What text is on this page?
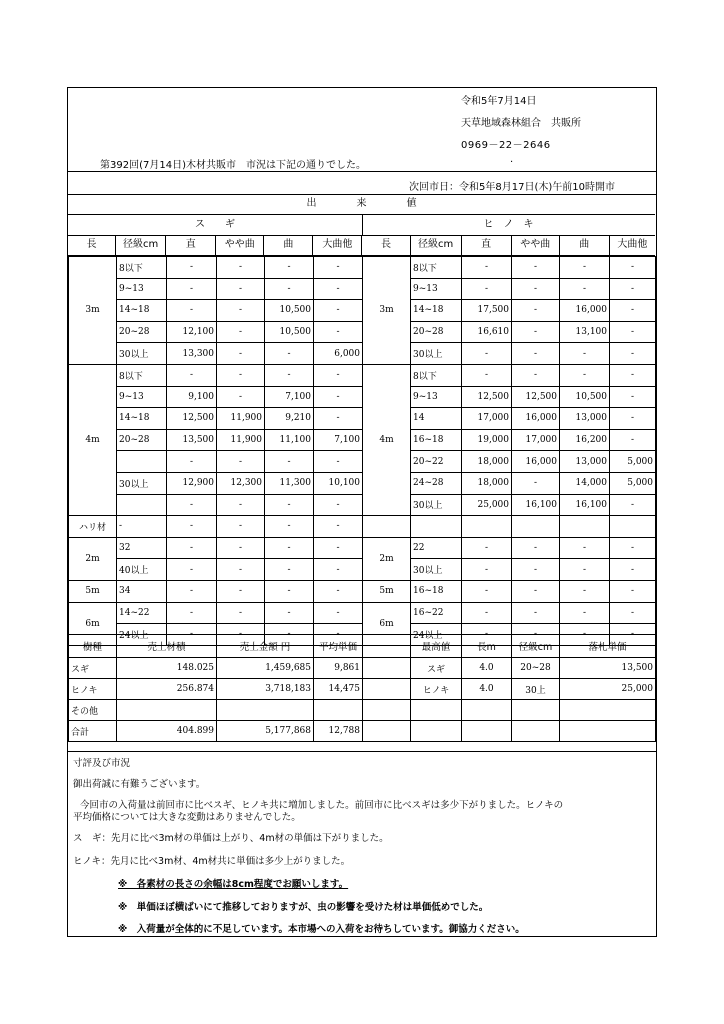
令和5年7月14日
天草地域森林組合　共販所
0969－22－2646
第392回(7月14日)木材共販市　市況は下記の通りでした。
.
次回市日：令和5年8月17日(木)午前10時開市
出　　　　来　　　　値
ス　　ギ	ヒ　ノ　キ
長	径級cm	直	やや曲	曲	大曲他	長	径級cm	直	やや曲	曲	大曲他
3m	8以下	-	-	-	-	3m	8以下	-	-	-	-
	9~13	-	-	-	-		9~13	-	-	-	-
	14~18	-	-	10,500	-		14~18	17,500	-	16,000	-
	20~28	12,100	-	10,500	-		20~28	16,610	-	13,100	-
	30以上	13,300	-	-	6,000		30以上	-	-	-	-
4m	8以下	-	-	-	-	4m	8以下	-	-	-	-
	9~13	9,100	-	7,100	-		9~13	12,500	12,500	10,500	-
	14~18	12,500	11,900	9,210	-		14	17,000	16,000	13,000	-
	20~28	13,500	11,900	11,100	7,100		16~18	19,000	17,000	16,200	-
		-	-	-	-		20~22	18,000	16,000	13,000	5,000
	30以上	12,900	12,300	11,300	10,100		24~28	18,000	-	14,000	5,000
		-	-	-	-		30以上	25,000	16,100	16,100	-
ハリ材	-	-	-	-	-						
2m	32	-	-	-	-	2m	22	-	-	-	-
	40以上	-	-	-	-		30以上	-	-	-	-
5m	34	-	-	-	-	5m	16~18	-	-	-	-
6m	14~22	-	-	-	-	6m	16~22	-	-	-	-
	24以上	-	-	-	-		24以上	-	-	-	-
樹種	売上材積	売上金額 円	平均単価		最高値	長m	径級cm	落札単価
スギ	148.025	1,459,685	9,861		スギ	4.0	20~28	13,500
ヒノキ	256.874	3,718,183	14,475		ヒノキ	4.0	30上	25,000
その他								
合計	404.899	5,177,868	12,788					
寸評及び市況
御出荷誠に有難うございます。
今回市の入荷量は前回市に比べスギ、ヒノキ共に増加しました。前回市に比べスギは多少下がりました。ヒノキの
平均価格については大きな変動はありませんでした。
ス　ギ：先月に比べ3m材の単価は上がり、4m材の単価は下がりました。
ヒノキ：先月に比べ3m材、4m材共に単価は多少上がりました。
※　各素材の長さの余幅は8cm程度でお願いします。
※　単価ほぼ横ばいにて推移しておりますが、虫の影響を受けた材は単価低めでした。
※　入荷量が全体的に不足しています。本市場への入荷をお待ちしています。御協力ください。
